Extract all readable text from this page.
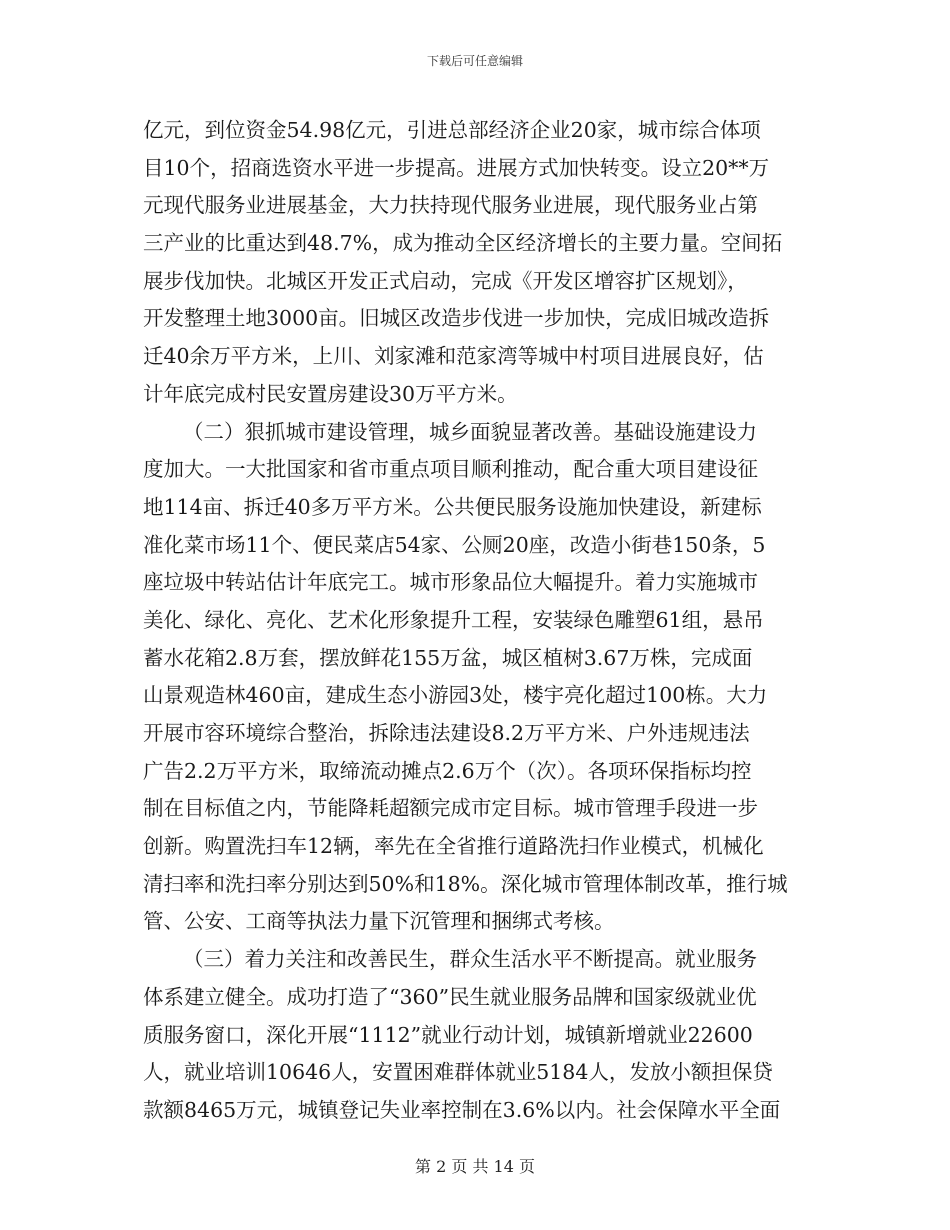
下载后可任意编辑
亿元，到位资金54.98亿元，引进总部经济企业20家，城市综合体项
目10个，招商选资水平进一步提高。进展方式加快转变。设立20**万
元现代服务业进展基金，大力扶持现代服务业进展，现代服务业占第
三产业的比重达到48.7%，成为推动全区经济增长的主要力量。空间拓
展步伐加快。北城区开发正式启动，完成《开发区增容扩区规划》，
开发整理土地3000亩。旧城区改造步伐进一步加快，完成旧城改造拆
迁40余万平方米，上川、刘家滩和范家湾等城中村项目进展良好，估
计年底完成村民安置房建设30万平方米。
（二）狠抓城市建设管理，城乡面貌显著改善。基础设施建设力
度加大。一大批国家和省市重点项目顺利推动，配合重大项目建设征
地114亩、拆迁40多万平方米。公共便民服务设施加快建设，新建标
准化菜市场11个、便民菜店54家、公厕20座，改造小街巷150条，5
座垃圾中转站估计年底完工。城市形象品位大幅提升。着力实施城市
美化、绿化、亮化、艺术化形象提升工程，安装绿色雕塑61组，悬吊
蓄水花箱2.8万套，摆放鲜花155万盆，城区植树3.67万株，完成面
山景观造林460亩，建成生态小游园3处，楼宇亮化超过100栋。大力
开展市容环境综合整治，拆除违法建设8.2万平方米、户外违规违法
广告2.2万平方米，取缔流动摊点2.6万个（次）。各项环保指标均控
制在目标值之内，节能降耗超额完成市定目标。城市管理手段进一步
创新。购置洗扫车12辆，率先在全省推行道路洗扫作业模式，机械化
清扫率和洗扫率分别达到50%和18%。深化城市管理体制改革，推行城
管、公安、工商等执法力量下沉管理和捆绑式考核。
（三）着力关注和改善民生，群众生活水平不断提高。就业服务
体系建立健全。成功打造了“360”民生就业服务品牌和国家级就业优
质服务窗口，深化开展“1112”就业行动计划，城镇新增就业22600
人，就业培训10646人，安置困难群体就业5184人，发放小额担保贷
款额8465万元，城镇登记失业率控制在3.6%以内。社会保障水平全面
第 2 页 共 14 页
